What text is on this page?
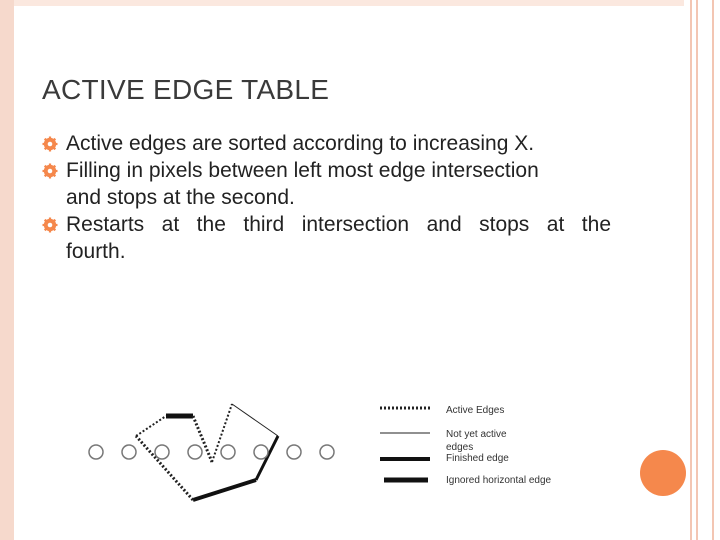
ACTIVE EDGE TABLE
Active edges are sorted according to increasing X.
Filling in pixels between left most edge intersection
and stops at the second.
Restarts at the third intersection and stops at the
fourth.
Active Edges
Not yet active
edges
Finished edge
Ignored horizontal edge
